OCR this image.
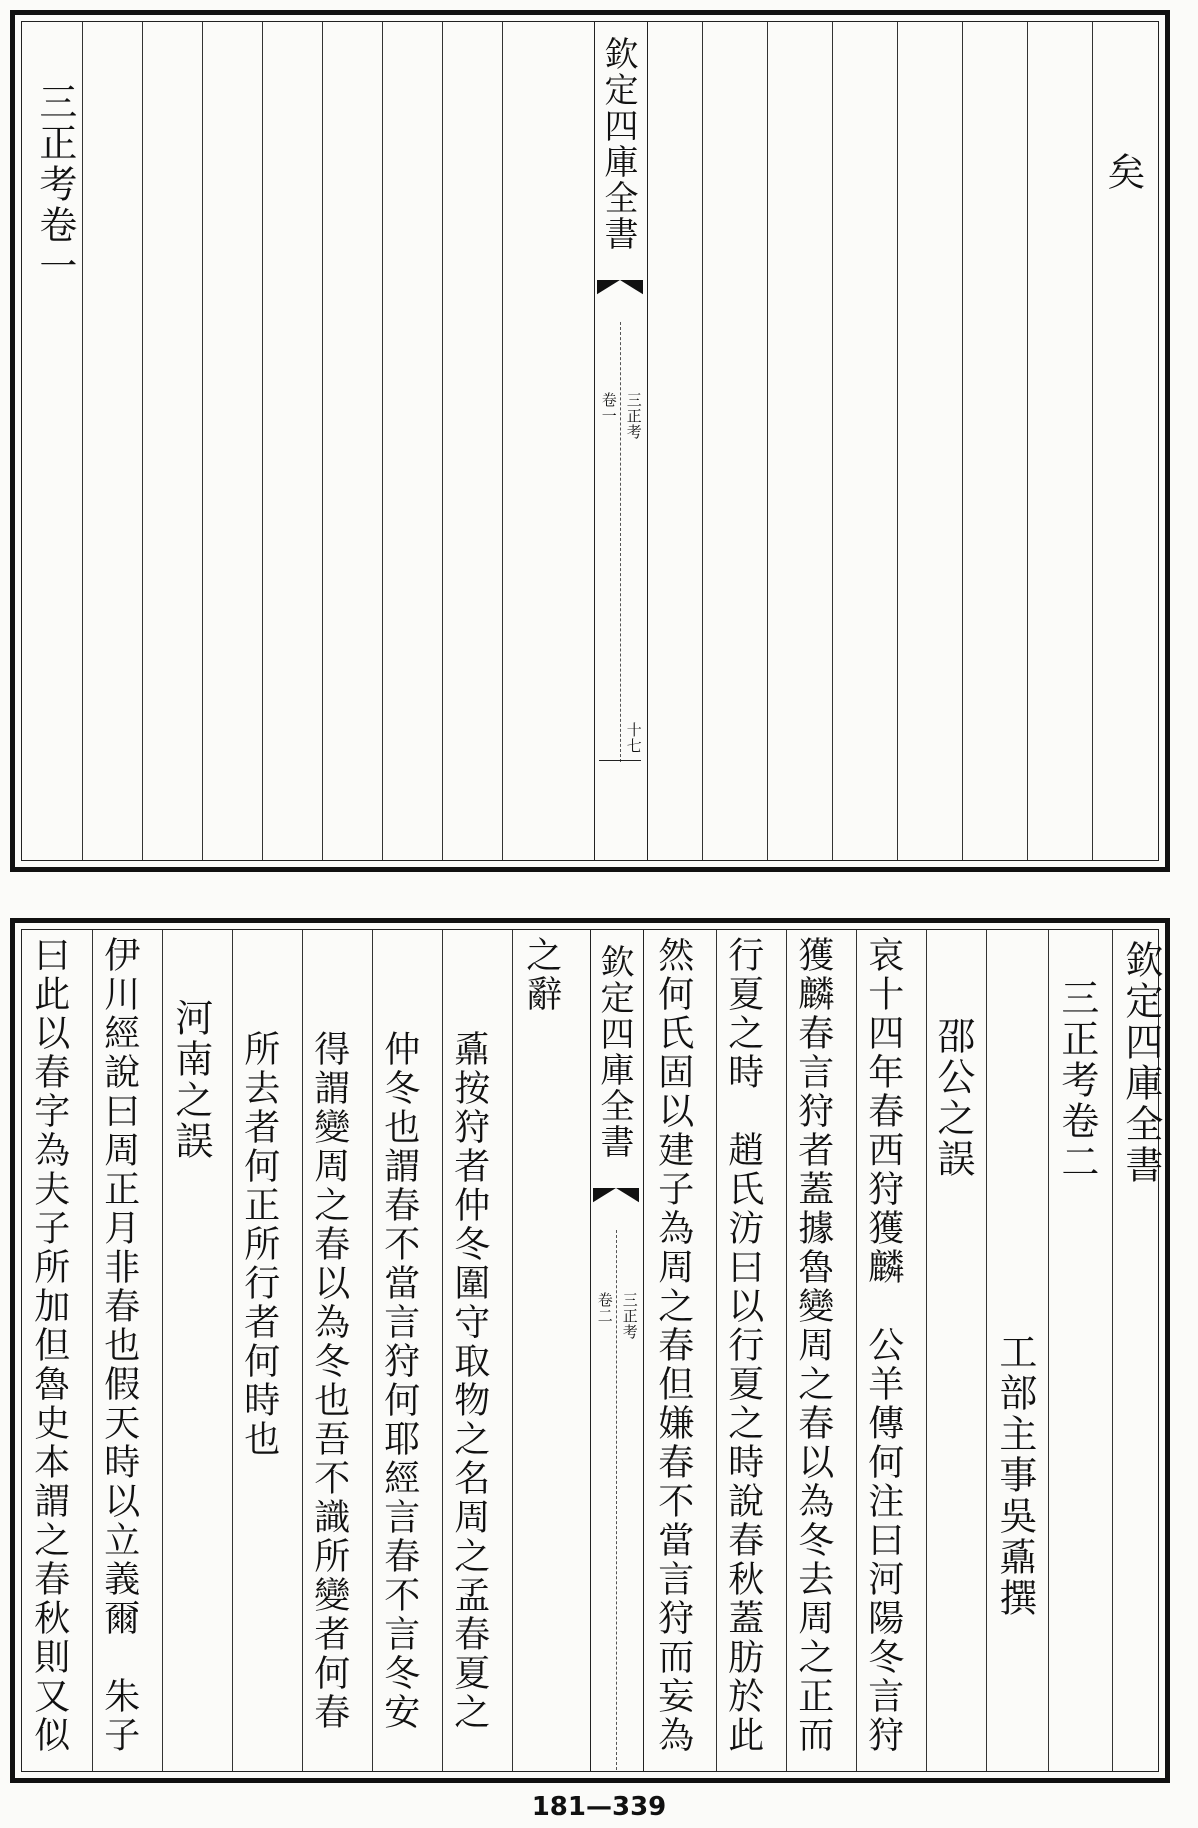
矣
三正考卷一	欽定四庫全書
三正考
卷一
十七
欽定四庫全書
三正考卷二
工部主事吳鼒撰
邵公之誤
哀十四年春西狩獲麟　公羊傳何注曰河陽冬言狩
獲麟春言狩者蓋據魯變周之春以為冬去周之正而
行夏之時　趙氏汸曰以行夏之時說春秋蓋肪於此
然何氏固以建子為周之春但嫌春不當言狩而妄為
之辭
鼒按狩者仲冬圍守取物之名周之孟春夏之
仲冬也謂春不當言狩何耶經言春不言冬安
得謂變周之春以為冬也吾不識所變者何春
所去者何正所行者何時也
河南之誤
伊川經說曰周正月非春也假天時以立義爾　朱子
曰此以春字為夫子所加但魯史本謂之春秋則又似	欽定四庫全書
三正考
卷二
181—339
